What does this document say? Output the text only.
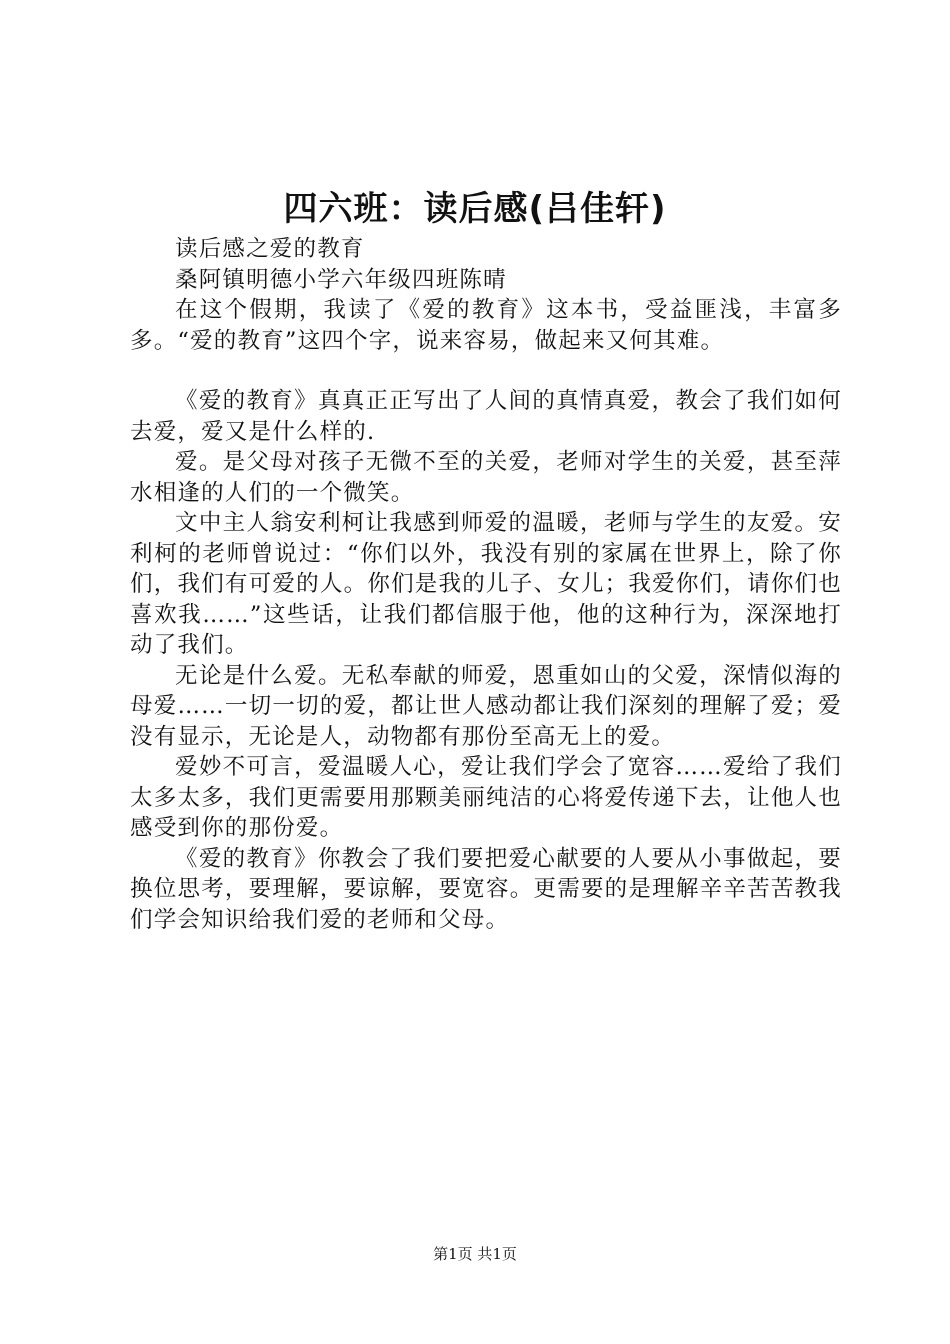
四六班：读后感(吕佳轩)

读后感之爱的教育

桑阿镇明德小学六年级四班陈晴

在这个假期，我读了《爱的教育》这本书，受益匪浅，丰富多多。“爱的教育”这四个字，说来容易，做起来又何其难。

《爱的教育》真真正正写出了人间的真情真爱，教会了我们如何去爱，爱又是什么样的.

爱。是父母对孩子无微不至的关爱，老师对学生的关爱，甚至萍水相逢的人们的一个微笑。

文中主人翁安利柯让我感到师爱的温暖，老师与学生的友爱。安利柯的老师曾说过：“你们以外，我没有别的家属在世界上，除了你们，我们有可爱的人。你们是我的儿子、女儿；我爱你们，请你们也喜欢我……”这些话，让我们都信服于他，他的这种行为，深深地打动了我们。

无论是什么爱。无私奉献的师爱，恩重如山的父爱，深情似海的母爱……一切一切的爱，都让世人感动都让我们深刻的理解了爱；爱没有显示，无论是人，动物都有那份至高无上的爱。

爱妙不可言，爱温暖人心，爱让我们学会了宽容……爱给了我们太多太多，我们更需要用那颗美丽纯洁的心将爱传递下去，让他人也感受到你的那份爱。

《爱的教育》你教会了我们要把爱心献要的人要从小事做起，要换位思考，要理解，要谅解，要宽容。更需要的是理解辛辛苦苦教我们学会知识给我们爱的老师和父母。

第1页 共1页
